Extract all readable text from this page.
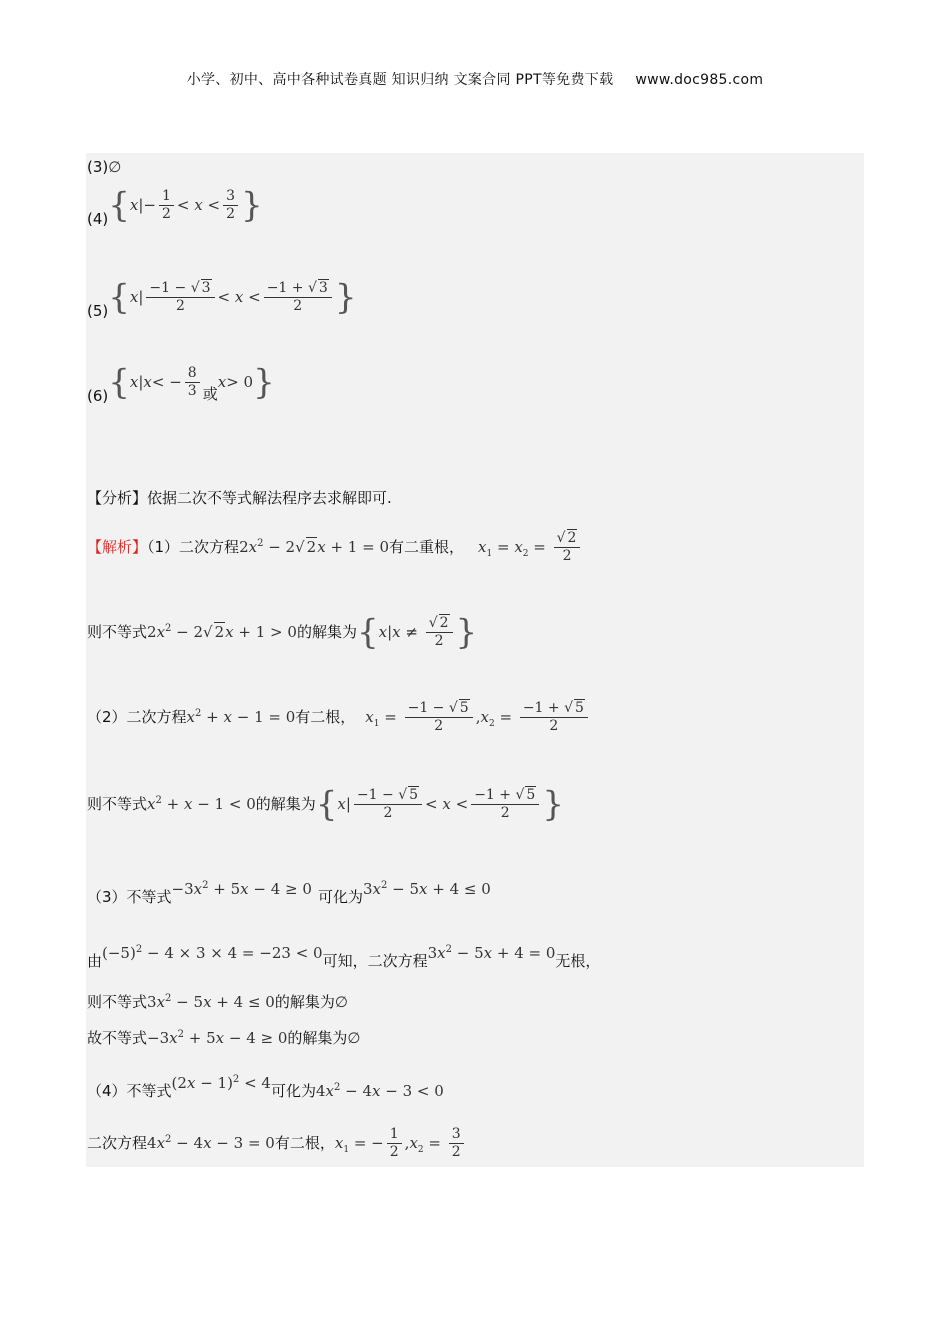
小学、初中、高中各种试卷真题 知识归纳 文案合同 PPT等免费下载 www.doc985.com
(3)∅
$(4)\{x|- \frac{1}{2} < x < \frac{3}{2}$ }
$(5)\{x| \frac{-1 - √ 3}{2} < x < \frac{-1 + √ 3}{2}$ }
$(6)\{x|x< - \frac{8}{3}$ 或x> 0}
【分析】依据二次不等式解法程序去求解即可.
【解析】（1）二次方程$2x^2 - 2√$ 2x + 1 = 0有二重根， $x_1 = x_2 = \frac{√ 2}{2}$
则不等式$2x^2 - 2√$ 2x + 1 > 0的解集为{$x|x \ne \frac{√ 2}{2}$ }
（2）二次方程$x^2 + x - 1 = 0$有二根， $x_1 = \frac{-1 - √ 5}{2} ,x_2 = \frac{-1 + √ 5}{2}$
则不等式$x^2 + x - 1 < 0$的解集为{$x| \frac{-1 - √ 5}{2} < x < \frac{-1 + √ 5}{2}$ }
（3）不等式$-3x^2 + 5x - 4 \ge 0$ 可化为$3x^2 - 5x + 4 \le 0$
由$(-5)^2 - 4 \times 3 \times 4 = -23 < 0$可知，二次方程$3x^2 - 5x + 4 = 0$无根，
则不等式$3x^2 - 5x + 4 \le 0$的解集为∅
故不等式$-3x^2 + 5x - 4 \ge 0$的解集为∅
（4）不等式$(2x - 1)^2 < 4$可化为$4x^2 - 4x - 3 < 0$
二次方程$4x^2 - 4x - 3 = 0$有二根，$x_1$ = − $\frac{1}{2} ,x_2 = \frac{3}{2}$
